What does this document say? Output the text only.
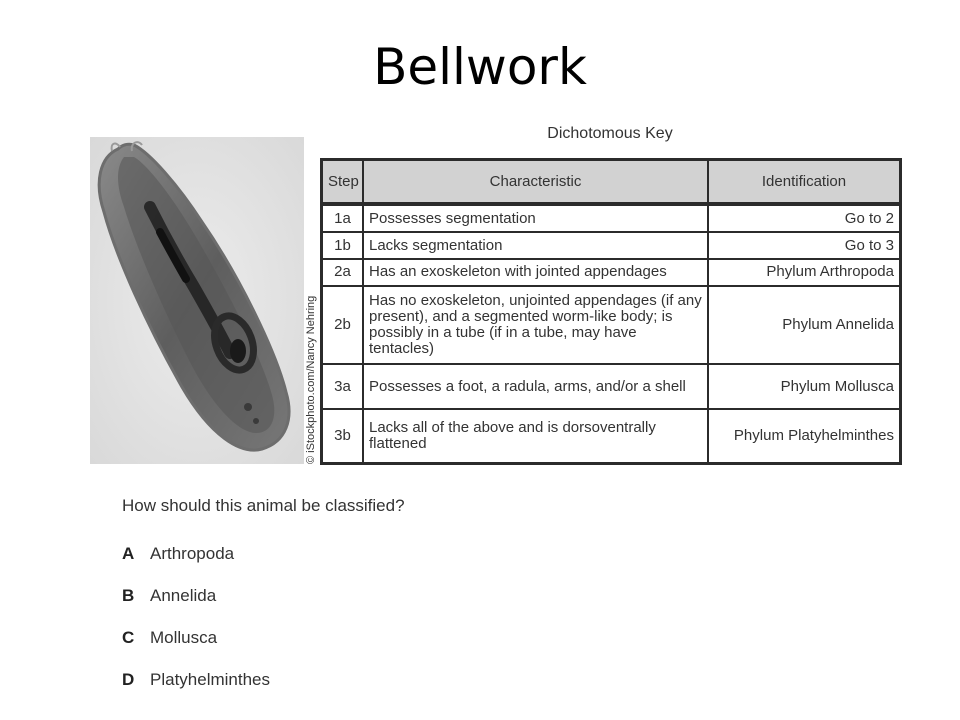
Bellwork
© iStockphoto.com/Nancy Nehring
Dichotomous Key
Step	Characteristic	Identification
1a	Possesses segmentation	Go to 2
1b	Lacks segmentation	Go to 3
2a	Has an exoskeleton with jointed appendages	Phylum Arthropoda
2b	Has no exoskeleton, unjointed appendages (if any present), and a segmented worm-like body; is possibly in a tube (if in a tube, may have tentacles)	Phylum Annelida
3a	Possesses a foot, a radula, arms, and/or a shell	Phylum Mollusca
3b	Lacks all of the above and is dorsoventrally flattened	Phylum Platyhelminthes
How should this animal be classified?
A Arthropoda
B Annelida
C Mollusca
D Platyhelminthes
